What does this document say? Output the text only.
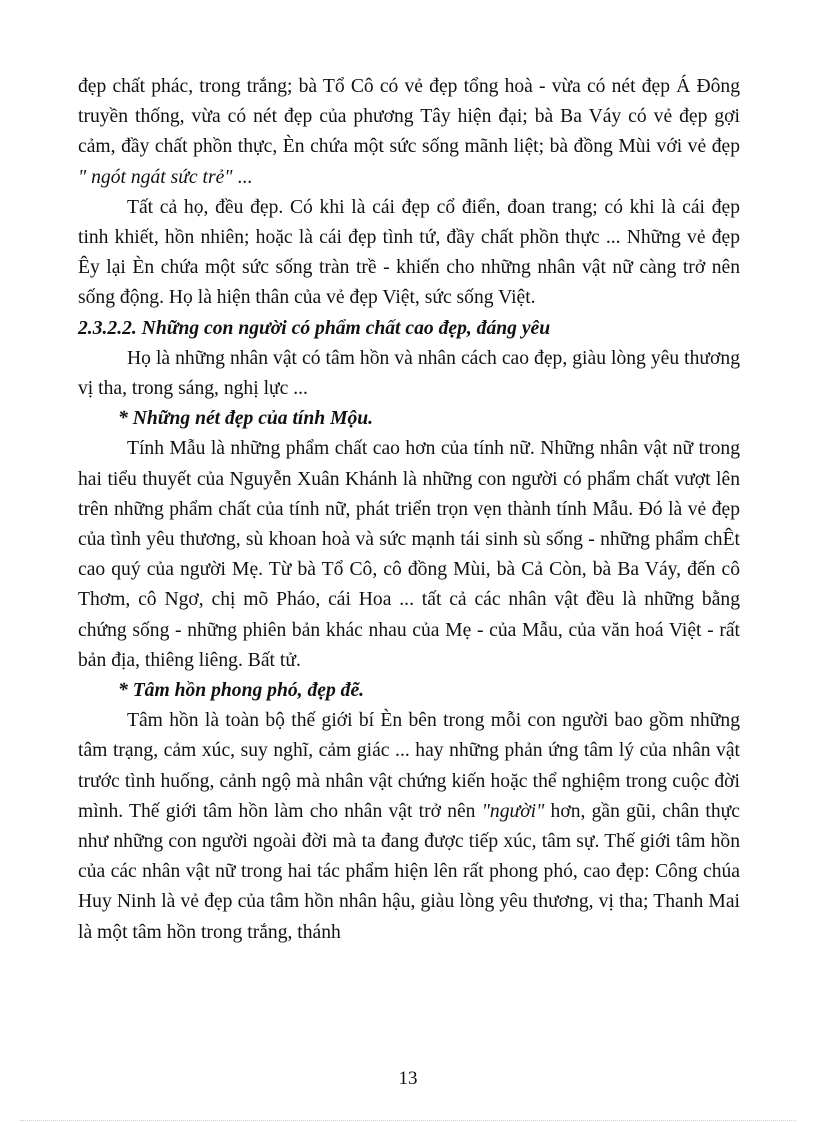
đẹp chất phác, trong trắng; bà Tổ Cô có vẻ đẹp tổng hoà - vừa có nét đẹp Á Đông truyền thống, vừa có nét đẹp của phương Tây hiện đại; bà Ba Váy có vẻ đẹp gợi cảm, đầy chất phồn thực, Èn chứa một sức sống mãnh liệt; bà đồng Mùi với vẻ đẹp " ngót ngát sức trẻ" ...

Tất cả họ, đều đẹp. Có khi là cái đẹp cổ điển, đoan trang; có khi là cái đẹp tinh khiết, hồn nhiên; hoặc là cái đẹp tình tứ, đầy chất phồn thực ... Những vẻ đẹp Êy lại Èn chứa một sức sống tràn trề - khiến cho những nhân vật nữ càng trở nên sống động. Họ là hiện thân của vẻ đẹp Việt, sức sống Việt.

2.3.2.2. Những con người có phẩm chất cao đẹp, đáng yêu

Họ là những nhân vật có tâm hồn và nhân cách cao đẹp, giàu lòng yêu thương vị tha, trong sáng, nghị lực ...

* Những nét đẹp của tính Mộu.

Tính Mẫu là những phẩm chất cao hơn của tính nữ. Những nhân vật nữ trong hai tiểu thuyết của Nguyễn Xuân Khánh là những con người có phẩm chất vượt lên trên những phẩm chất của tính nữ, phát triển trọn vẹn thành tính Mẫu. Đó là vẻ đẹp của tình yêu thương, sù khoan hoà và sức mạnh tái sinh sù sống - những phẩm chÊt cao quý của người Mẹ. Từ bà Tổ Cô, cô đồng Mùi, bà Cả Còn, bà Ba Váy, đến cô Thơm, cô Ngơ, chị mõ Pháo, cái Hoa ... tất cả các nhân vật đều là những bằng chứng sống - những phiên bản khác nhau của Mẹ - của Mẫu, của văn hoá Việt - rất bản địa, thiêng liêng. Bất tử.

* Tâm hồn phong phó, đẹp đẽ.

Tâm hồn là toàn bộ thế giới bí Èn bên trong mỗi con người bao gồm những tâm trạng, cảm xúc, suy nghĩ, cảm giác ... hay những phản ứng tâm lý của nhân vật trước tình huống, cảnh ngộ mà nhân vật chứng kiến hoặc thể nghiệm trong cuộc đời mình. Thế giới tâm hồn làm cho nhân vật trở nên "người" hơn, gần gũi, chân thực như những con người ngoài đời mà ta đang được tiếp xúc, tâm sự. Thế giới tâm hồn của các nhân vật nữ trong hai tác phẩm hiện lên rất phong phó, cao đẹp: Công chúa Huy Ninh là vẻ đẹp của tâm hồn nhân hậu, giàu lòng yêu thương, vị tha; Thanh Mai là một tâm hồn trong trắng, thánh

13
